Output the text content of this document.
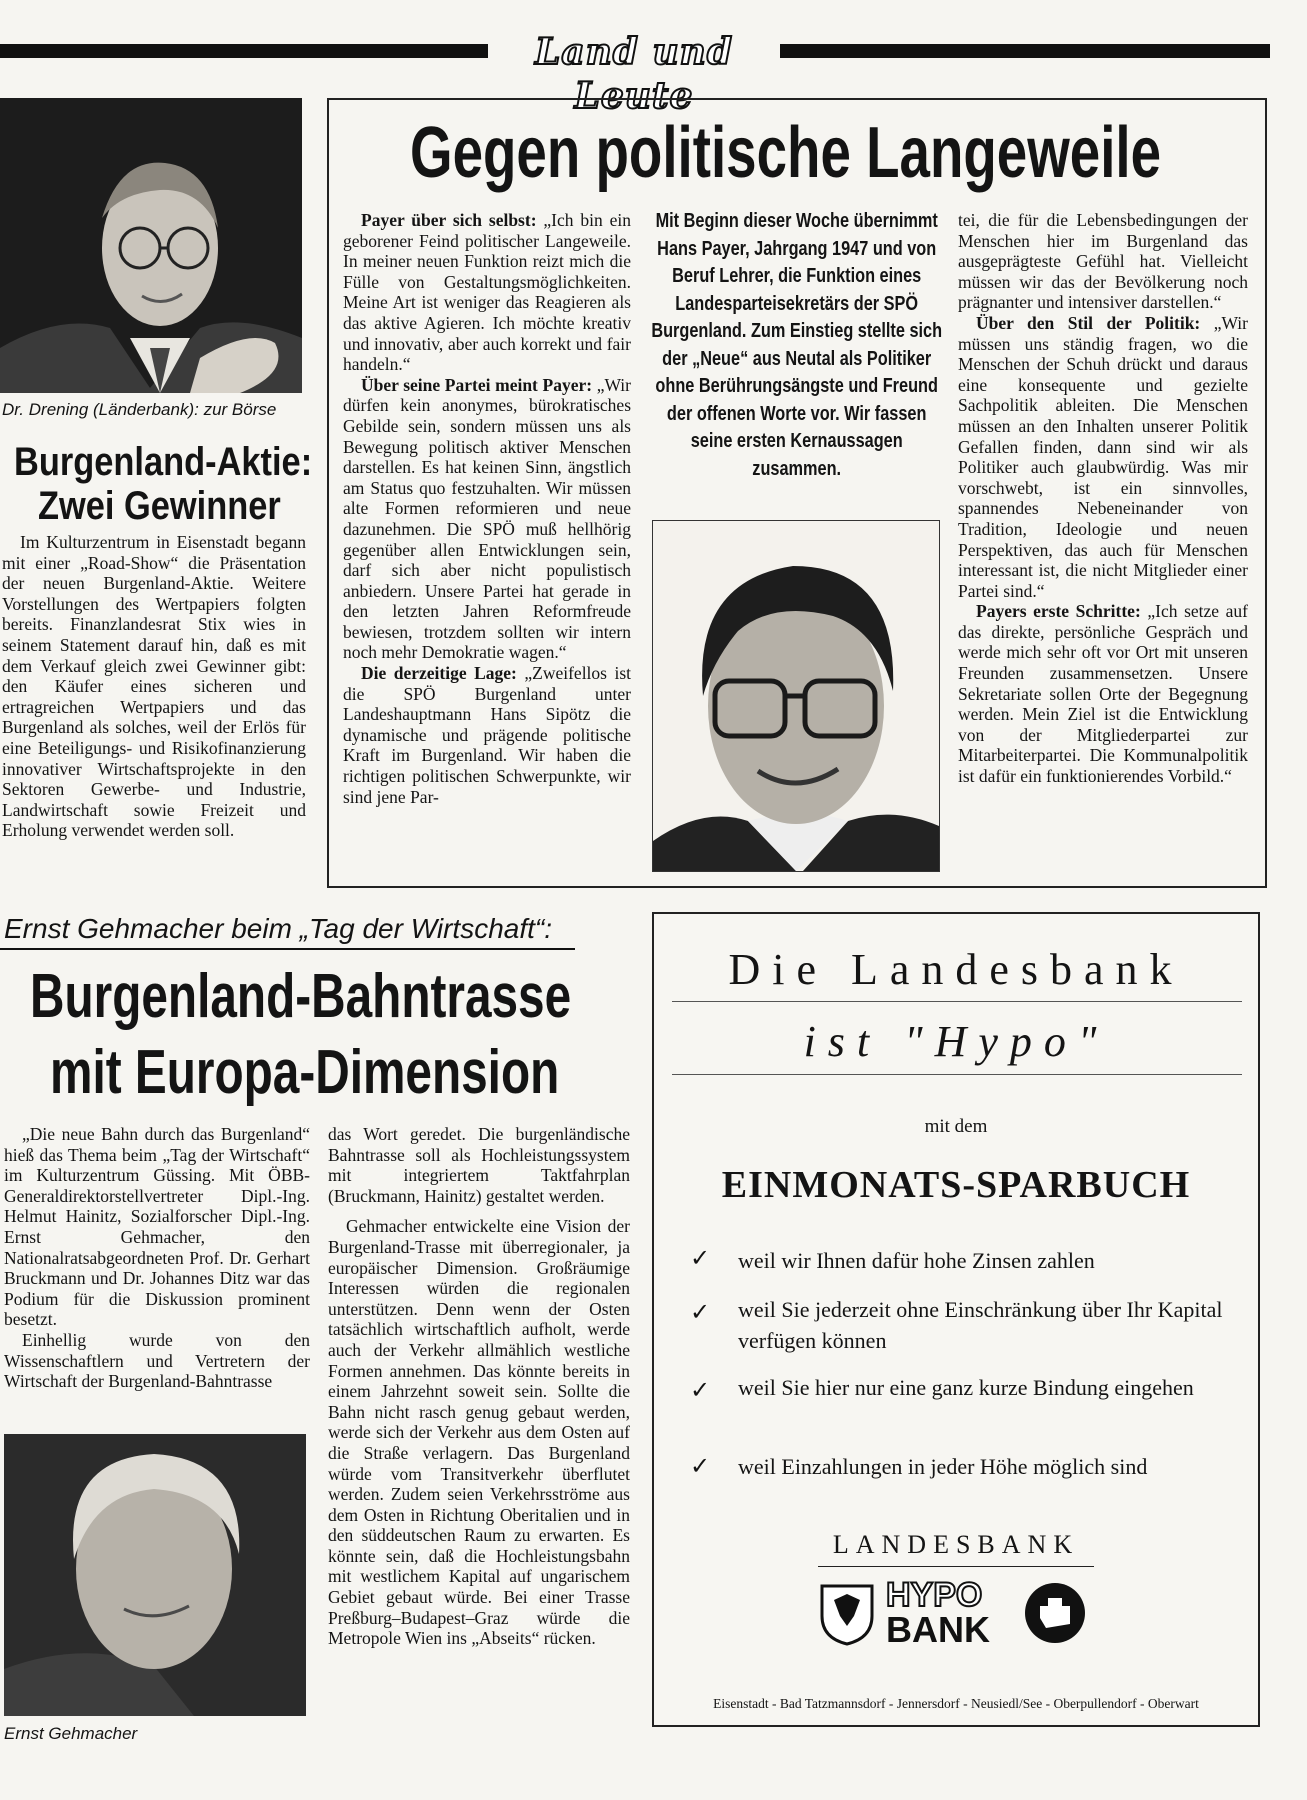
Land und Leute
Dr. Drening (Länderbank): zur Börse
Burgenland-Aktie:
Zwei Gewinner

Im Kulturzentrum in Eisenstadt begann mit einer „Road-Show“ die Präsentation der neuen Burgenland-Aktie. Weitere Vorstellungen des Wertpapiers folgten bereits. Finanzlandesrat Stix wies in seinem Statement darauf hin, daß es mit dem Verkauf gleich zwei Gewinner gibt: den Käufer eines sicheren und ertragreichen Wertpapiers und das Burgenland als solches, weil der Erlös für eine Beteiligungs- und Risikofinanzierung innovativer Wirtschaftsprojekte in den Sektoren Gewerbe- und Industrie, Landwirtschaft sowie Freizeit und Erholung verwendet werden soll.

Gegen politische Langeweile

Payer über sich selbst: „Ich bin ein geborener Feind politischer Langeweile. In meiner neuen Funktion reizt mich die Fülle von Gestaltungsmöglichkeiten. Meine Art ist weniger das Reagieren als das aktive Agieren. Ich möchte kreativ und innovativ, aber auch korrekt und fair handeln.“

Über seine Partei meint Payer: „Wir dürfen kein anonymes, bürokratisches Gebilde sein, sondern müssen uns als Bewegung politisch aktiver Menschen darstellen. Es hat keinen Sinn, ängstlich am Status quo festzuhalten. Wir müssen alte Formen reformieren und neue dazunehmen. Die SPÖ muß hellhörig gegenüber allen Entwicklungen sein, darf sich aber nicht populistisch anbiedern. Unsere Partei hat gerade in den letzten Jahren Reformfreude bewiesen, trotzdem sollten wir intern noch mehr Demokratie wagen.“

Die derzeitige Lage: „Zweifellos ist die SPÖ Burgenland unter Landeshauptmann Hans Sipötz die dynamische und prägende politische Kraft im Burgenland. Wir haben die richtigen politischen Schwerpunkte, wir sind jene Par-

Mit Beginn dieser Woche übernimmt Hans Payer, Jahrgang 1947 und von Beruf Lehrer, die Funktion eines Landesparteisekretärs der SPÖ Burgenland. Zum Einstieg stellte sich der „Neue“ aus Neutal als Politiker ohne Berührungsängste und Freund der offenen Worte vor. Wir fassen seine ersten Kernaussagen zusammen.

tei, die für die Lebensbedingungen der Menschen hier im Burgenland das ausgeprägteste Gefühl hat. Vielleicht müssen wir das der Bevölkerung noch prägnanter und intensiver darstellen.“

Über den Stil der Politik: „Wir müssen uns ständig fragen, wo die Menschen der Schuh drückt und daraus eine konsequente und gezielte Sachpolitik ableiten. Die Menschen müssen an den Inhalten unserer Politik Gefallen finden, dann sind wir als Politiker auch glaubwürdig. Was mir vorschwebt, ist ein sinnvolles, spannendes Nebeneinander von Tradition, Ideologie und neuen Perspektiven, das auch für Menschen interessant ist, die nicht Mitglieder einer Partei sind.“

Payers erste Schritte: „Ich setze auf das direkte, persönliche Gespräch und werde mich sehr oft vor Ort mit unseren Freunden zusammensetzen. Unsere Sekretariate sollen Orte der Begegnung werden. Mein Ziel ist die Entwicklung von der Mitgliederpartei zur Mitarbeiterpartei. Die Kommunalpolitik ist dafür ein funktionierendes Vorbild.“

Ernst Gehmacher beim „Tag der Wirtschaft“:
Burgenland-Bahntrasse
mit Europa-Dimension

„Die neue Bahn durch das Burgenland“ hieß das Thema beim „Tag der Wirtschaft“ im Kulturzentrum Güssing. Mit ÖBB-Generaldirektorstellvertreter Dipl.-Ing. Helmut Hainitz, Sozialforscher Dipl.-Ing. Ernst Gehmacher, den Nationalratsabgeordneten Prof. Dr. Gerhart Bruckmann und Dr. Johannes Ditz war das Podium für die Diskussion prominent besetzt.

Einhellig wurde von den Wissenschaftlern und Vertretern der Wirtschaft der Burgenland-Bahntrasse

Ernst Gehmacher

das Wort geredet. Die burgenländische Bahntrasse soll als Hochleistungssystem mit integriertem Taktfahrplan (Bruckmann, Hainitz) gestaltet werden.

Gehmacher entwickelte eine Vision der Burgenland-Trasse mit überregionaler, ja europäischer Dimension. Großräumige Interessen würden die regionalen unterstützen. Denn wenn der Osten tatsächlich wirtschaftlich aufholt, werde auch der Verkehr allmählich westliche Formen annehmen. Das könnte bereits in einem Jahrzehnt soweit sein. Sollte die Bahn nicht rasch genug gebaut werden, werde sich der Verkehr aus dem Osten auf die Straße verlagern. Das Burgenland würde vom Transitverkehr überflutet werden. Zudem seien Verkehrsströme aus dem Osten in Richtung Oberitalien und in den süddeutschen Raum zu erwarten. Es könnte sein, daß die Hochleistungsbahn mit westlichem Kapital auf ungarischem Gebiet gebaut würde. Bei einer Trasse Preßburg–Budapest–Graz würde die Metropole Wien ins „Abseits“ rücken.

Die Landesbank
ist "Hypo"
mit dem
EINMONATS-SPARBUCH
✓ weil wir Ihnen dafür hohe Zinsen zahlen
✓ weil Sie jederzeit ohne Einschränkung über Ihr Kapital verfügen können
✓ weil Sie hier nur eine ganz kurze Bindung eingehen
✓ weil Einzahlungen in jeder Höhe möglich sind
LANDESBANK
HYPO
BANK
Eisenstadt - Bad Tatzmannsdorf - Jennersdorf - Neusiedl/See - Oberpullendorf - Oberwart
